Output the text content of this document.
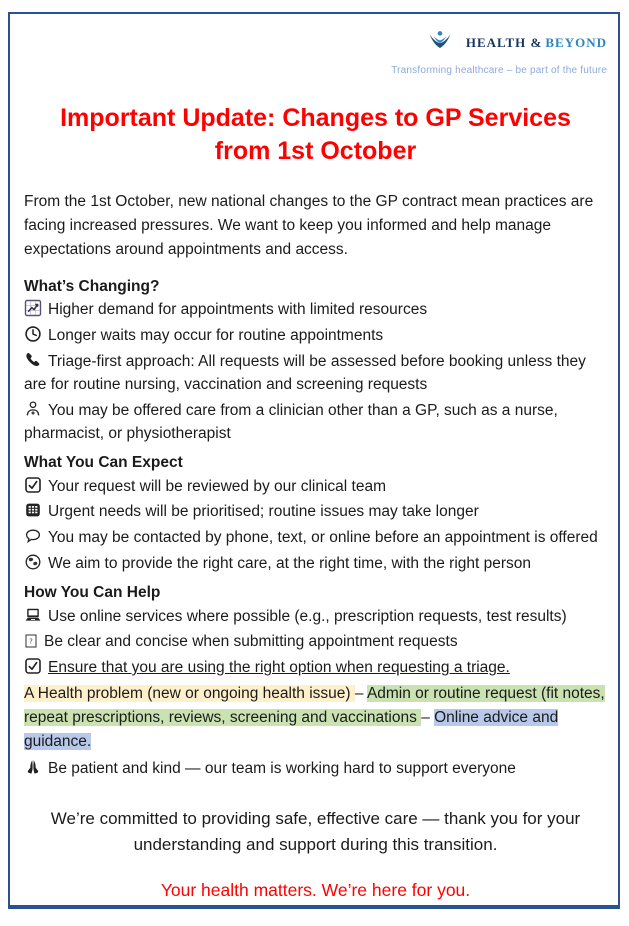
HEALTH & BEYOND
Transforming healthcare – be part of the future
Important Update: Changes to GP Services from 1st October

From the 1st October, new national changes to the GP contract mean practices are facing increased pressures. We want to keep you informed and help manage expectations around appointments and access.

What’s Changing?

Higher demand for appointments with limited resources

Longer waits may occur for routine appointments

Triage-first approach: All requests will be assessed before booking unless they are for routine nursing, vaccination and screening requests

You may be offered care from a clinician other than a GP, such as a nurse, pharmacist, or physiotherapist

What You Can Expect

Your request will be reviewed by our clinical team

Urgent needs will be prioritised; routine issues may take longer

You may be contacted by phone, text, or online before an appointment is offered

We aim to provide the right care, at the right time, with the right person

How You Can Help

Use online services where possible (e.g., prescription requests, test results)

? Be clear and concise when submitting appointment requests

Ensure that you are using the right option when requesting a triage.

A Health problem (new or ongoing health issue) – Admin or routine request (fit notes, repeat prescriptions, reviews, screening and vaccinations – Online advice and guidance.

Be patient and kind — our team is working hard to support everyone

We’re committed to providing safe, effective care — thank you for your understanding and support during this transition.

Your health matters. We’re here for you.
